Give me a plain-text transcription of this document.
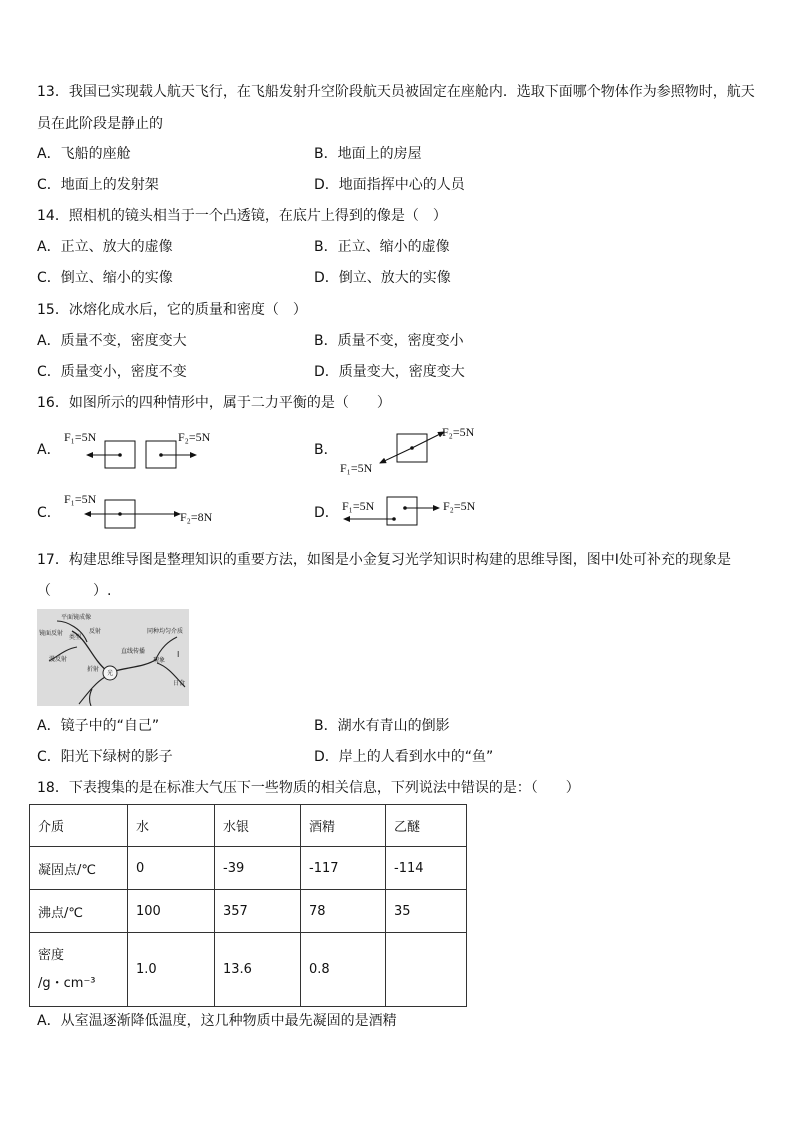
13．我国已实现载人航天飞行，在飞船发射升空阶段航天员被固定在座舱内．选取下面哪个物体作为参照物时，航天
员在此阶段是静止的
A．飞船的座舱	B．地面上的房屋
C．地面上的发射架	D．地面指挥中心的人员
14．照相机的镜头相当于一个凸透镜，在底片上得到的像是（　）
A．正立、放大的虚像	B．正立、缩小的虚像
C．倒立、缩小的实像	D．倒立、放大的实像
15．冰熔化成水后，它的质量和密度（　）
A．质量不变，密度变大	B．质量不变，密度变小
C．质量变小，密度不变	D．质量变大，密度变大
16．如图所示的四种情形中，属于二力平衡的是（　　）
A．	B．
C．	D．
F₁=5N	F₂=5N	F₂=5N
F₁=5N
F₁=5N
F₂=8N
F₁=5N	F₂=5N
17．构建思维导图是整理知识的重要方法，如图是小金复习光学知识时构建的思维导图，图中Ⅰ处可补充的现象是
（　　　）.
光
平面镜成像
镜面反射
类型
反射
漫反射
折射
直线传播
同种均匀介质
现象
Ⅰ
日食
A．镜子中的“自己”	B．湖水有青山的倒影
C．阳光下绿树的影子	D．岸上的人看到水中的“鱼”
18．下表搜集的是在标准大气压下一些物质的相关信息，下列说法中错误的是：（　　）
介质	水	水银	酒精	乙醚
凝固点/℃	0	-39	-117	-114
沸点/℃	100	357	78	35

密度
/g・cm⁻³	1.0	13.6	0.8	
A．从室温逐渐降低温度，这几种物质中最先凝固的是酒精
